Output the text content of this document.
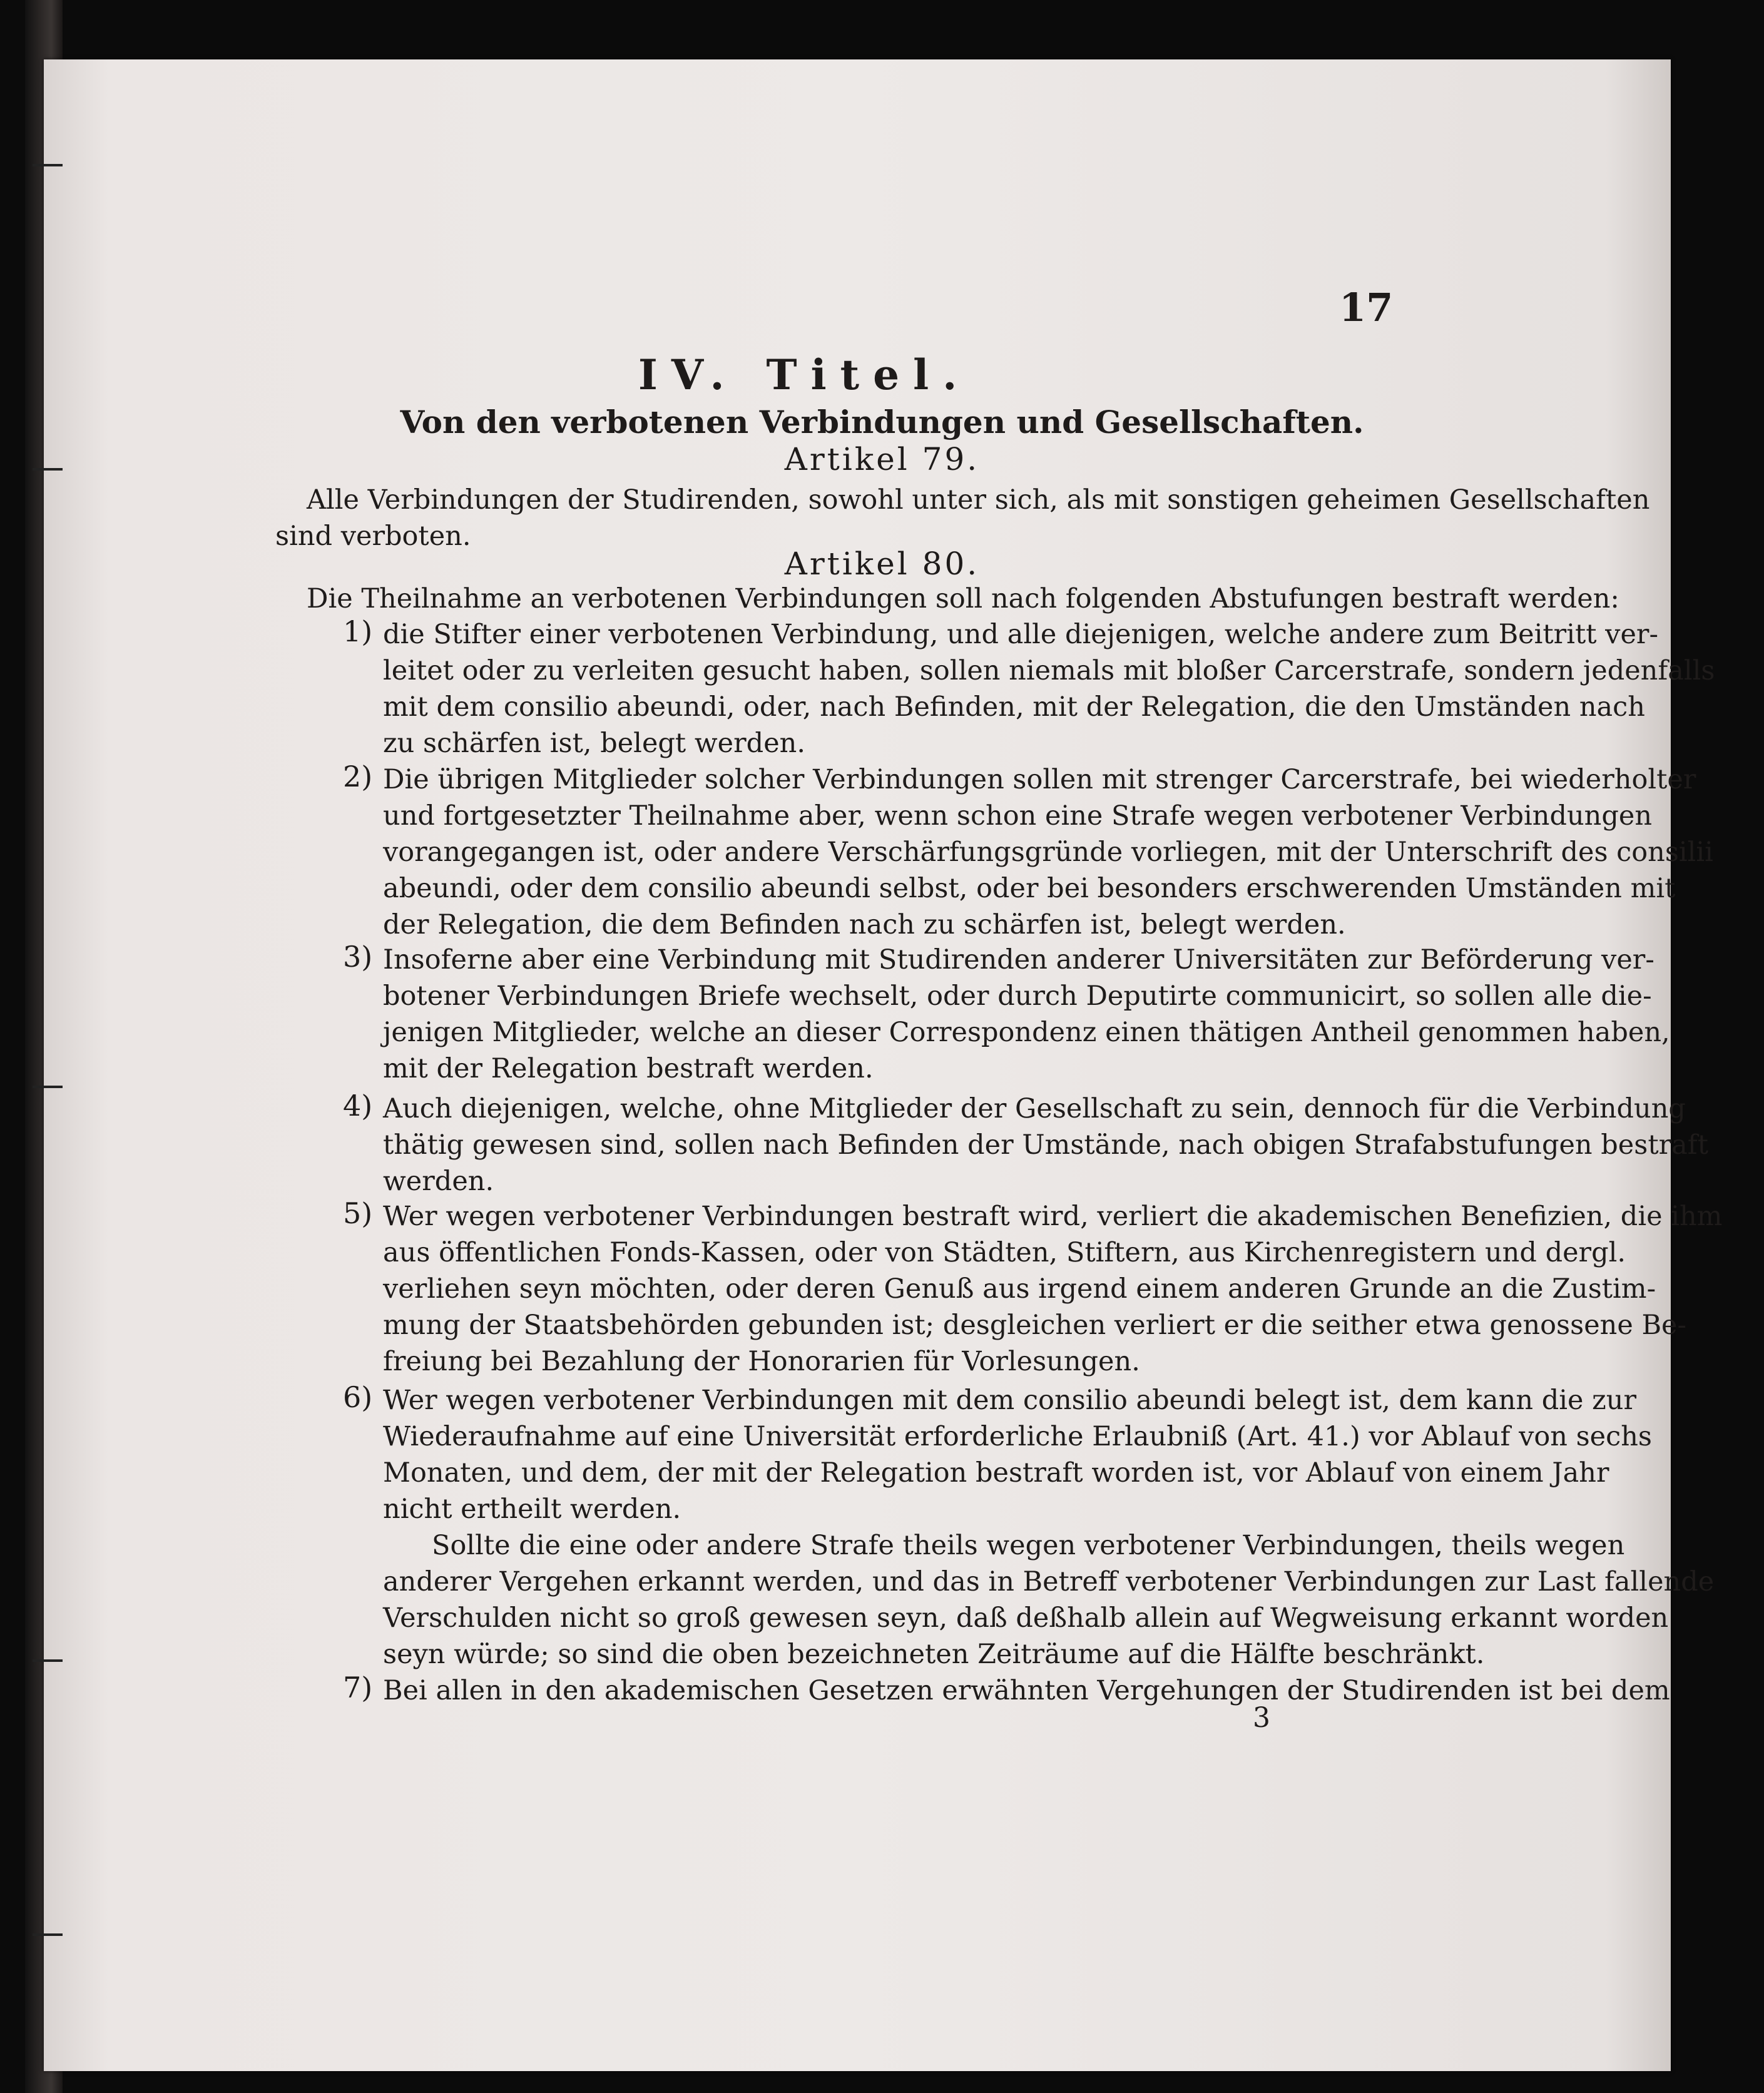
17
IV. Titel.
Von den verbotenen Verbindungen und Gesellschaften.
Artikel 79.
Alle Verbindungen der Studirenden, sowohl unter sich, als mit sonstigen geheimen Gesellschaften
sind verboten.
Artikel 80.
Die Theilnahme an verbotenen Verbindungen soll nach folgenden Abstufungen bestraft werden:
1) die Stifter einer verbotenen Verbindung, und alle diejenigen, welche andere zum Beitritt ver-
leitet oder zu verleiten gesucht haben, sollen niemals mit bloßer Carcerstrafe, sondern jedenfalls
mit dem consilio abeundi, oder, nach Befinden, mit der Relegation, die den Umständen nach
zu schärfen ist, belegt werden.
2) Die übrigen Mitglieder solcher Verbindungen sollen mit strenger Carcerstrafe, bei wiederholter
und fortgesetzter Theilnahme aber, wenn schon eine Strafe wegen verbotener Verbindungen
vorangegangen ist, oder andere Verschärfungsgründe vorliegen, mit der Unterschrift des consilii
abeundi, oder dem consilio abeundi selbst, oder bei besonders erschwerenden Umständen mit
der Relegation, die dem Befinden nach zu schärfen ist, belegt werden.
3) Insoferne aber eine Verbindung mit Studirenden anderer Universitäten zur Beförderung ver-
botener Verbindungen Briefe wechselt, oder durch Deputirte communicirt, so sollen alle die-
jenigen Mitglieder, welche an dieser Correspondenz einen thätigen Antheil genommen haben,
mit der Relegation bestraft werden.
4) Auch diejenigen, welche, ohne Mitglieder der Gesellschaft zu sein, dennoch für die Verbindung
thätig gewesen sind, sollen nach Befinden der Umstände, nach obigen Strafabstufungen bestraft
werden.
5) Wer wegen verbotener Verbindungen bestraft wird, verliert die akademischen Benefizien, die ihm
aus öffentlichen Fonds-Kassen, oder von Städten, Stiftern, aus Kirchenregistern und dergl.
verliehen seyn möchten, oder deren Genuß aus irgend einem anderen Grunde an die Zustim-
mung der Staatsbehörden gebunden ist; desgleichen verliert er die seither etwa genossene Be-
freiung bei Bezahlung der Honorarien für Vorlesungen.
6) Wer wegen verbotener Verbindungen mit dem consilio abeundi belegt ist, dem kann die zur
Wiederaufnahme auf eine Universität erforderliche Erlaubniß (Art. 41.) vor Ablauf von sechs
Monaten, und dem, der mit der Relegation bestraft worden ist, vor Ablauf von einem Jahr
nicht ertheilt werden.
Sollte die eine oder andere Strafe theils wegen verbotener Verbindungen, theils wegen
anderer Vergehen erkannt werden, und das in Betreff verbotener Verbindungen zur Last fallende
Verschulden nicht so groß gewesen seyn, daß deßhalb allein auf Wegweisung erkannt worden
seyn würde; so sind die oben bezeichneten Zeiträume auf die Hälfte beschränkt.
7) Bei allen in den akademischen Gesetzen erwähnten Vergehungen der Studirenden ist bei dem
3
